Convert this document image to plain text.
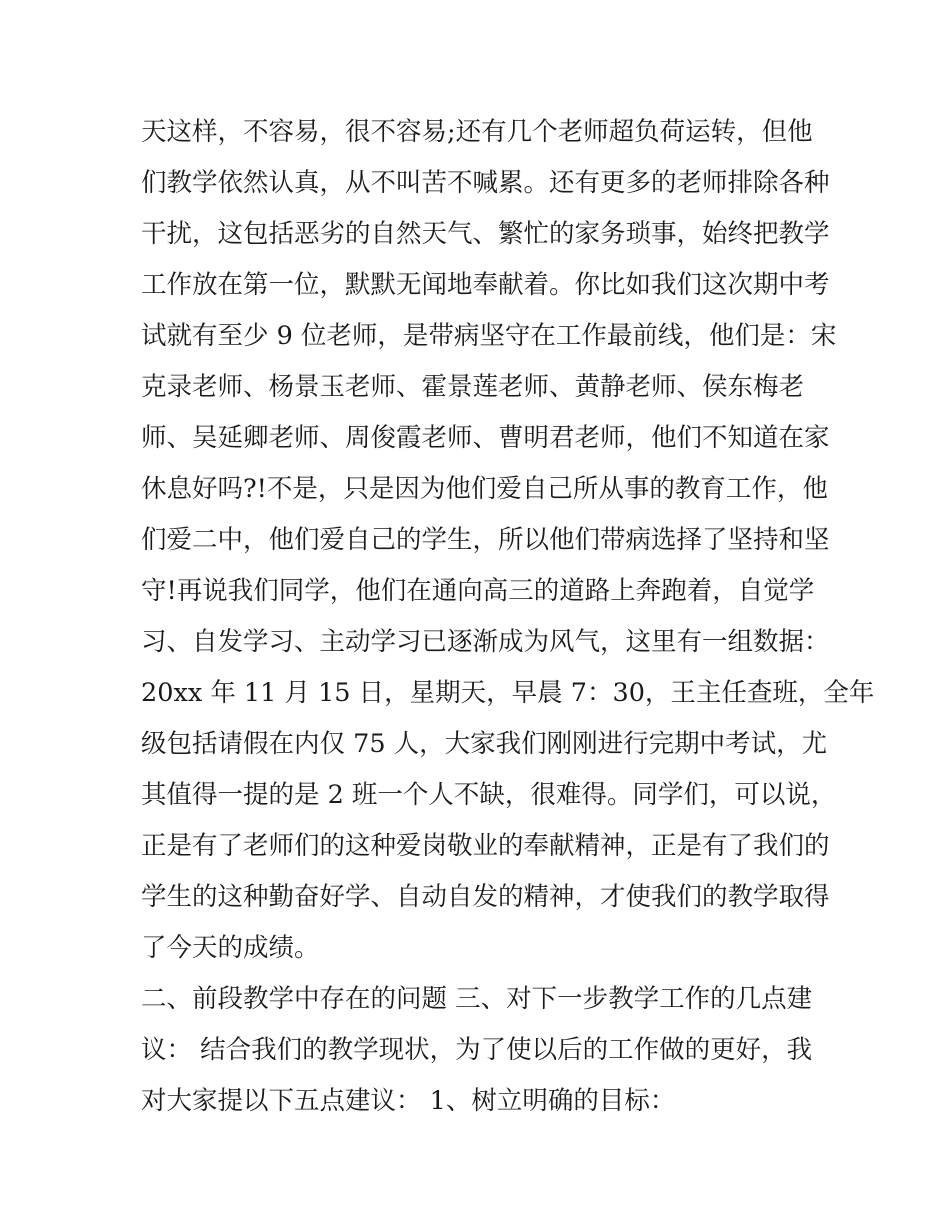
天这样，不容易，很不容易;还有几个老师超负荷运转，但他
们教学依然认真，从不叫苦不喊累。还有更多的老师排除各种
干扰，这包括恶劣的自然天气、繁忙的家务琐事，始终把教学
工作放在第一位，默默无闻地奉献着。你比如我们这次期中考
试就有至少 9 位老师，是带病坚守在工作最前线，他们是：宋
克录老师、杨景玉老师、霍景莲老师、黄静老师、侯东梅老
师、吴延卿老师、周俊霞老师、曹明君老师，他们不知道在家
休息好吗?!不是，只是因为他们爱自己所从事的教育工作，他
们爱二中，他们爱自己的学生，所以他们带病选择了坚持和坚
守!再说我们同学，他们在通向高三的道路上奔跑着，自觉学
习、自发学习、主动学习已逐渐成为风气，这里有一组数据：
20xx 年 11 月 15 日，星期天，早晨 7：30，王主任查班，全年
级包括请假在内仅 75 人，大家我们刚刚进行完期中考试，尤
其值得一提的是 2 班一个人不缺，很难得。同学们，可以说，
正是有了老师们的这种爱岗敬业的奉献精神，正是有了我们的
学生的这种勤奋好学、自动自发的精神，才使我们的教学取得
了今天的成绩。
二、前段教学中存在的问题 三、对下一步教学工作的几点建
议： 结合我们的教学现状，为了使以后的工作做的更好，我
对大家提以下五点建议： 1、树立明确的目标：
